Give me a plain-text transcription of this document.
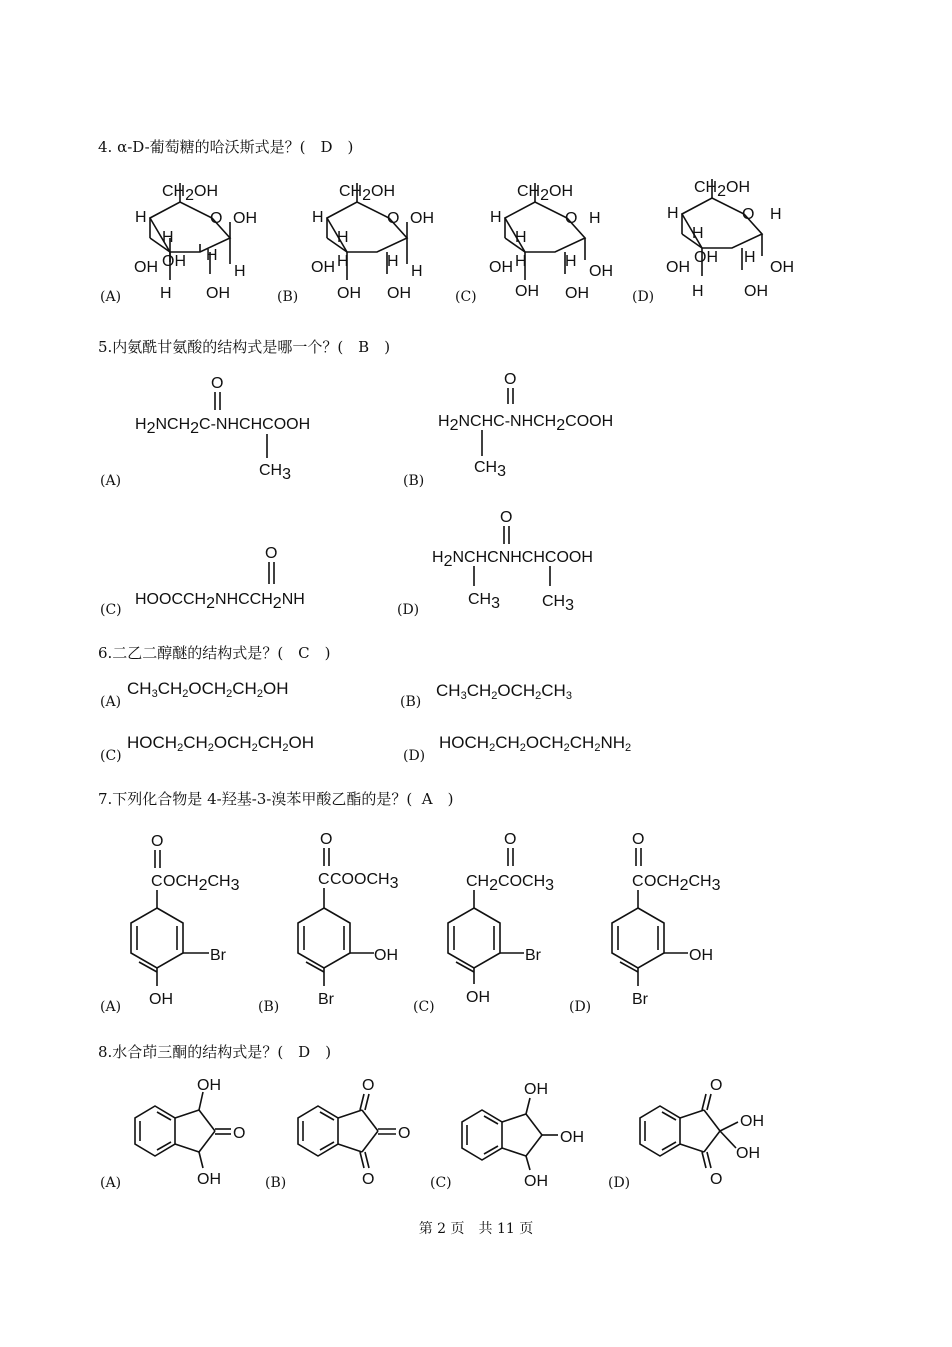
4. α-D-葡萄糖的哈沃斯式是？(　D　)
CH2OH
O OH
H
H
H
OH
H
OH H
OH
(A)
CH2OH
O OH
H
H
H
OH H
OH
H
OH
(B)
CH2OH
O H
OH
H
H
OH H
OH
H
OH
(C)
CH2OH
O H
OH
H
H
OH
OH
H
H
OH
(D)
5.内氨酰甘氨酸的结构式是哪一个？(　B　)
O
H2NCH2C-NHCHCOOH
CH3
(A)
O
H2NCHC-NHCH2COOH
CH3
(B)
O
HOOCCH2NHCCH2NH
(C)
O
H2NCHCNHCHCOOH
CH3	CH3
(D)
6.二乙二醇醚的结构式是？(　C　)
(A)
$CH_3CH_2OCH_2CH_2OH$
(B)
$CH_3CH_2OCH_2CH_3$
(C)
$HOCH_2CH_2OCH_2CH_2OH$
(D)
$HOCH_2CH_2OCH_2CH_2NH_2$
7.下列化合物是 4-羟基-3-溴苯甲酸乙酯的是？(  A　)
O
C OCH2CH3
Br
OH
(A)
O
C COOCH3
OH
Br
(B)
O
CH2COCH3
Br
OH
(C)
O
C OCH2CH3
OH
Br
(D)
8.水合茚三酮的结构式是？(　D　)
O
OH
OH
(A)
O
O
O
(B)
OH
OH
OH
(C)
OH
OH
O
O
(D)
第 2 页　共 11 页
